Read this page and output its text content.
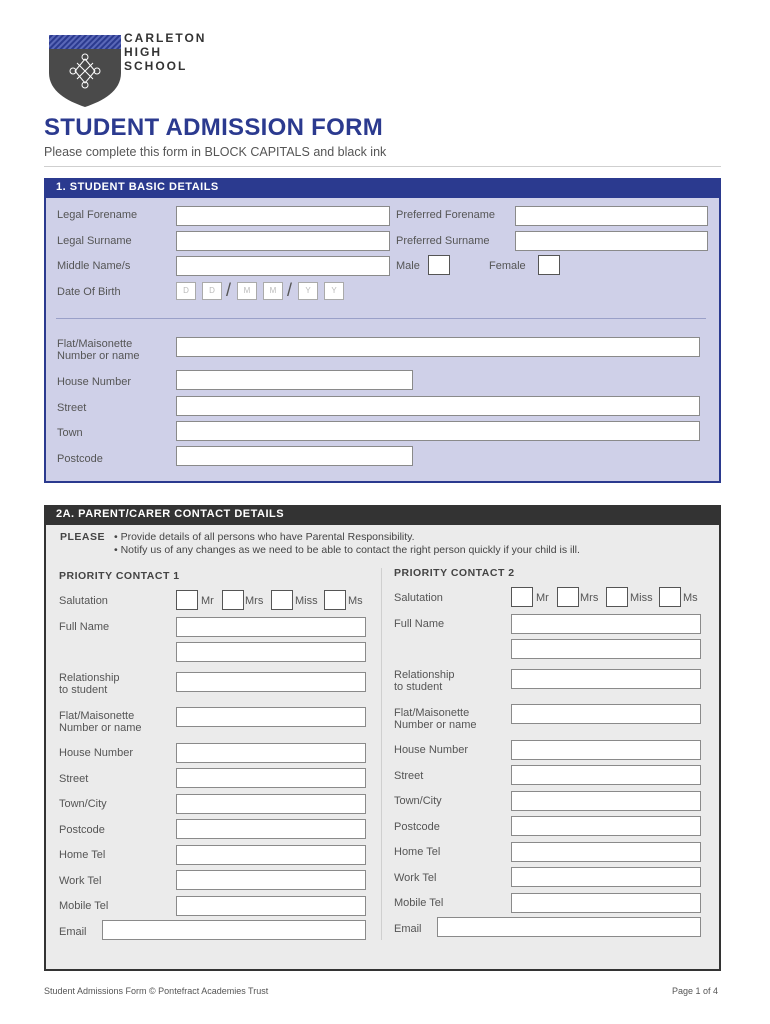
CARLETON
HIGH
SCHOOL
STUDENT ADMISSION FORM
Please complete this form in BLOCK CAPITALS and black ink
1. STUDENT BASIC DETAILS
Legal Forename	Preferred Forename
Legal Surname	Preferred Surname
Middle Name/s	Male	Female
Date Of Birth	D	D /	M	M /	Y	Y
Flat/Maisonette
Number or name
House Number
Street
Town
Postcode
2A. PARENT/CARER CONTACT DETAILS
PLEASE • Provide details of all persons who have Parental Responsibility.
• Notify us of any changes as we need to be able to contact the right person quickly if your child is ill.
PRIORITY CONTACT 1
Salutation	Mr	Mrs	Miss	Ms
Full Name
Relationship
to student
Flat/Maisonette
Number or name
House Number
Street
Town/City
Postcode
Home Tel
Work Tel
Mobile Tel
Email
PRIORITY CONTACT 2
Salutation	Mr	Mrs	Miss	Ms
Full Name
Relationship
to student
Flat/Maisonette
Number or name
House Number
Street
Town/City
Postcode
Home Tel
Work Tel
Mobile Tel
Email
Student Admissions Form © Pontefract Academies Trust	Page 1 of 4
